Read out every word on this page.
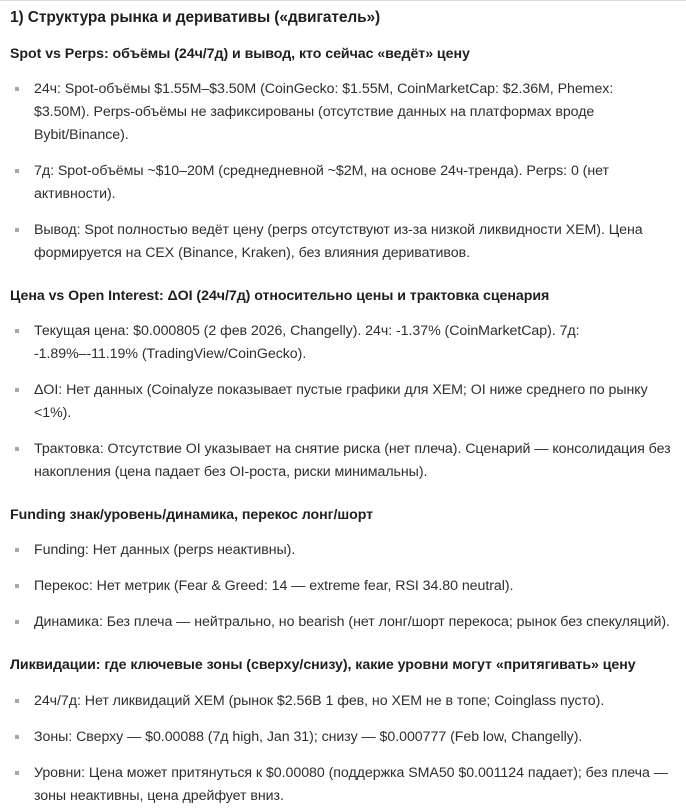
1) Структура рынка и деривативы («двигатель»)
Spot vs Perps: объёмы (24ч/7д) и вывод, кто сейчас «ведёт» цену
24ч: Spot-объёмы $1.55M–$3.50M (CoinGecko: $1.55M, CoinMarketCap: $2.36M, Phemex: $3.50M). Perps-объёмы не зафиксированы (отсутствие данных на платформах вроде Bybit/Binance).
7д: Spot-объёмы ~$10–20M (среднедневной ~$2M, на основе 24ч-тренда). Perps: 0 (нет активности).
Вывод: Spot полностью ведёт цену (perps отсутствуют из-за низкой ликвидности XEM). Цена формируется на CEX (Binance, Kraken), без влияния деривативов.
Цена vs Open Interest: ΔOI (24ч/7д) относительно цены и трактовка сценария
Текущая цена: $0.000805 (2 фев 2026, Changelly). 24ч: -1.37% (CoinMarketCap). 7д: -1.89%–-11.19% (TradingView/CoinGecko).
ΔOI: Нет данных (Coinalyze показывает пустые графики для XEM; OI ниже среднего по рынку <1%).
Трактовка: Отсутствие OI указывает на снятие риска (нет плеча). Сценарий — консолидация без накопления (цена падает без OI-роста, риски минимальны).
Funding знак/уровень/динамика, перекос лонг/шорт
Funding: Нет данных (perps неактивны).
Перекос: Нет метрик (Fear & Greed: 14 — extreme fear, RSI 34.80 neutral).
Динамика: Без плеча — нейтрально, но bearish (нет лонг/шорт перекоса; рынок без спекуляций).
Ликвидации: где ключевые зоны (сверху/снизу), какие уровни могут «притягивать» цену
24ч/7д: Нет ликвидаций XEM (рынок $2.56B 1 фев, но XEM не в топе; Coinglass пусто).
Зоны: Сверху — $0.00088 (7д high, Jan 31); снизу — $0.000777 (Feb low, Changelly).
Уровни: Цена может притянуться к $0.00080 (поддержка SMA50 $0.001124 падает); без плеча — зоны неактивны, цена дрейфует вниз.
